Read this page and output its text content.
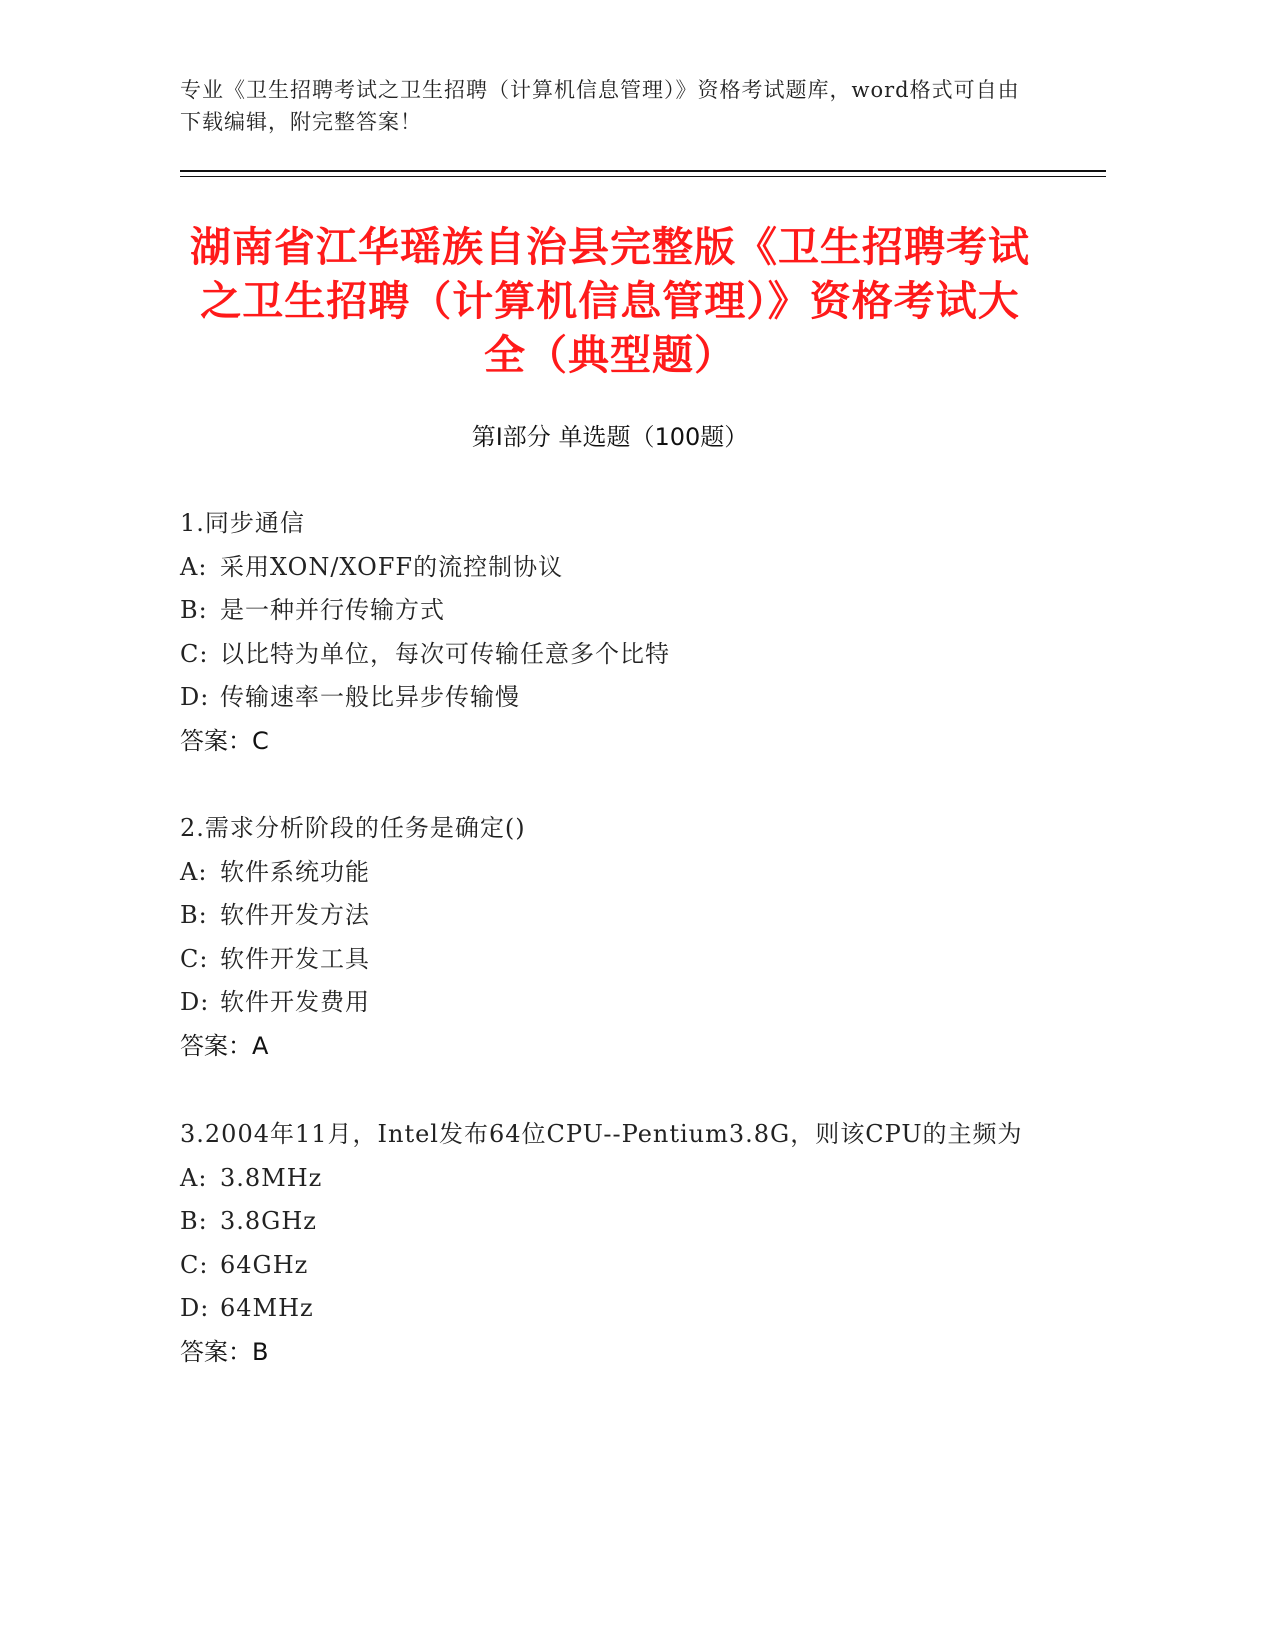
专业《卫生招聘考试之卫生招聘（计算机信息管理）》资格考试题库，word格式可自由下载编辑，附完整答案！
湖南省江华瑶族自治县完整版《卫生招聘考试之卫生招聘（计算机信息管理）》资格考试大全（典型题）
第Ⅰ部分 单选题（100题）
1.同步通信
A: 采用XON/XOFF的流控制协议
B: 是一种并行传输方式
C: 以比特为单位，每次可传输任意多个比特
D: 传输速率一般比异步传输慢
答案：C
2.需求分析阶段的任务是确定()
A: 软件系统功能
B: 软件开发方法
C: 软件开发工具
D: 软件开发费用
答案：A
3.2004年11月，Intel发布64位CPU--Pentium3.8G，则该CPU的主频为
A: 3.8MHz
B: 3.8GHz
C: 64GHz
D: 64MHz
答案：B
